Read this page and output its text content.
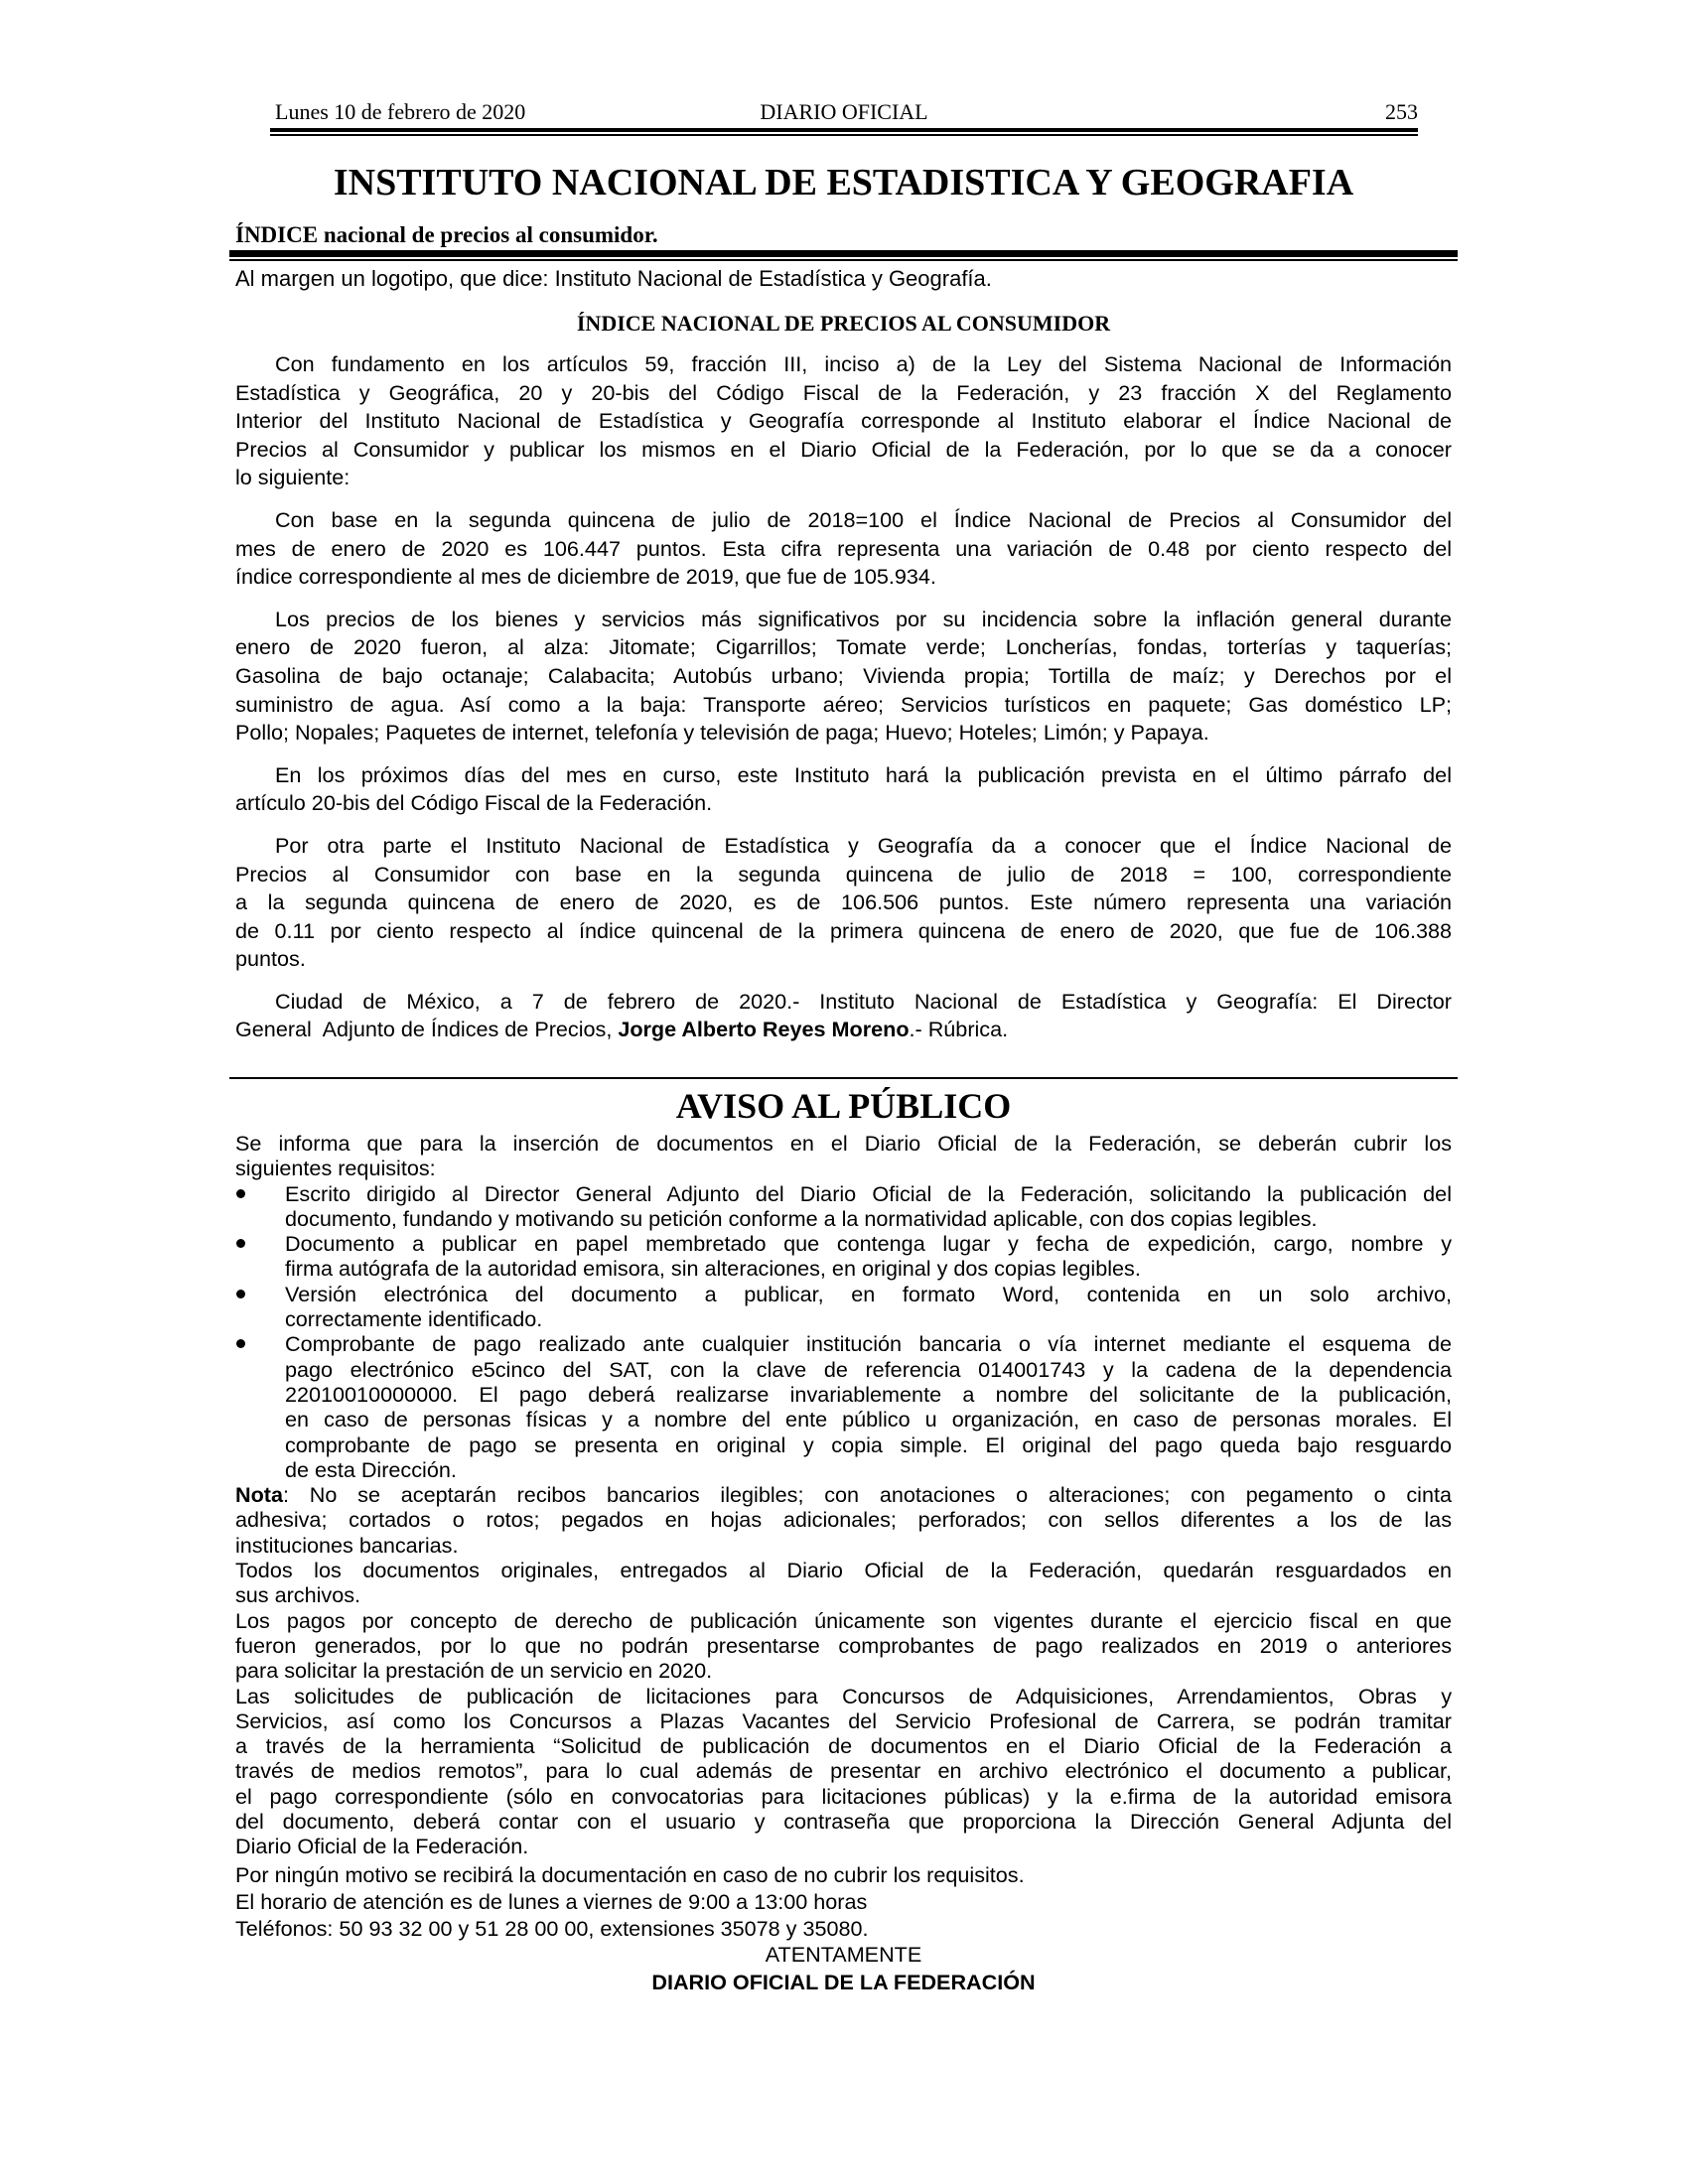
Lunes 10 de febrero de 2020	DIARIO OFICIAL	253
INSTITUTO NACIONAL DE ESTADISTICA Y GEOGRAFIA
ÍNDICE nacional de precios al consumidor.
Al margen un logotipo, que dice: Instituto Nacional de Estadística y Geografía.
ÍNDICE NACIONAL DE PRECIOS AL CONSUMIDOR
Con fundamento en los artículos 59, fracción III, inciso a) de la Ley del Sistema Nacional de Información
Estadística y Geográfica, 20 y 20-bis del Código Fiscal de la Federación, y 23 fracción X del Reglamento
Interior del Instituto Nacional de Estadística y Geografía corresponde al Instituto elaborar el Índice Nacional de
Precios al Consumidor y publicar los mismos en el Diario Oficial de la Federación, por lo que se da a conocer
lo siguiente:
Con base en la segunda quincena de julio de 2018=100 el Índice Nacional de Precios al Consumidor del
mes de enero de 2020 es 106.447 puntos. Esta cifra representa una variación de 0.48 por ciento respecto del
índice correspondiente al mes de diciembre de 2019, que fue de 105.934.
Los precios de los bienes y servicios más significativos por su incidencia sobre la inflación general durante
enero de 2020 fueron, al alza: Jitomate; Cigarrillos; Tomate verde; Loncherías, fondas, torterías y taquerías;
Gasolina de bajo octanaje; Calabacita; Autobús urbano; Vivienda propia; Tortilla de maíz; y Derechos por el
suministro de agua. Así como a la baja: Transporte aéreo; Servicios turísticos en paquete; Gas doméstico LP;
Pollo; Nopales; Paquetes de internet, telefonía y televisión de paga; Huevo; Hoteles; Limón; y Papaya.
En los próximos días del mes en curso, este Instituto hará la publicación prevista en el último párrafo del
artículo 20-bis del Código Fiscal de la Federación.
Por otra parte el Instituto Nacional de Estadística y Geografía da a conocer que el Índice Nacional de
Precios al Consumidor con base en la segunda quincena de julio de 2018 = 100, correspondiente
a la segunda quincena de enero de 2020, es de 106.506 puntos. Este número representa una variación
de 0.11 por ciento respecto al índice quincenal de la primera quincena de enero de 2020, que fue de 106.388
puntos.
Ciudad de México, a 7 de febrero de 2020.- Instituto Nacional de Estadística y Geografía: El Director
General  Adjunto de Índices de Precios, Jorge Alberto Reyes Moreno.- Rúbrica.
AVISO AL PÚBLICO
Se informa que para la inserción de documentos en el Diario Oficial de la Federación, se deberán cubrir los
siguientes requisitos:
Escrito dirigido al Director General Adjunto del Diario Oficial de la Federación, solicitando la publicación del
documento, fundando y motivando su petición conforme a la normatividad aplicable, con dos copias legibles.
Documento a publicar en papel membretado que contenga lugar y fecha de expedición, cargo, nombre y
firma autógrafa de la autoridad emisora, sin alteraciones, en original y dos copias legibles.
Versión electrónica del documento a publicar, en formato Word, contenida en un solo archivo,
correctamente identificado.
Comprobante de pago realizado ante cualquier institución bancaria o vía internet mediante el esquema de
pago electrónico e5cinco del SAT, con la clave de referencia 014001743 y la cadena de la dependencia
22010010000000. El pago deberá realizarse invariablemente a nombre del solicitante de la publicación,
en caso de personas físicas y a nombre del ente público u organización, en caso de personas morales. El
comprobante de pago se presenta en original y copia simple. El original del pago queda bajo resguardo
de esta Dirección.
Nota: No se aceptarán recibos bancarios ilegibles; con anotaciones o alteraciones; con pegamento o cinta
adhesiva; cortados o rotos; pegados en hojas adicionales; perforados; con sellos diferentes a los de las
instituciones bancarias.
Todos los documentos originales, entregados al Diario Oficial de la Federación, quedarán resguardados en
sus archivos.
Los pagos por concepto de derecho de publicación únicamente son vigentes durante el ejercicio fiscal en que
fueron generados, por lo que no podrán presentarse comprobantes de pago realizados en 2019 o anteriores
para solicitar la prestación de un servicio en 2020.
Las solicitudes de publicación de licitaciones para Concursos de Adquisiciones, Arrendamientos, Obras y
Servicios, así como los Concursos a Plazas Vacantes del Servicio Profesional de Carrera, se podrán tramitar
a través de la herramienta “Solicitud de publicación de documentos en el Diario Oficial de la Federación a
través de medios remotos”, para lo cual además de presentar en archivo electrónico el documento a publicar,
el pago correspondiente (sólo en convocatorias para licitaciones públicas) y la e.firma de la autoridad emisora
del documento, deberá contar con el usuario y contraseña que proporciona la Dirección General Adjunta del
Diario Oficial de la Federación.
Por ningún motivo se recibirá la documentación en caso de no cubrir los requisitos.
El horario de atención es de lunes a viernes de 9:00 a 13:00 horas
Teléfonos: 50 93 32 00 y 51 28 00 00, extensiones 35078 y 35080.
ATENTAMENTE
DIARIO OFICIAL DE LA FEDERACIÓN
